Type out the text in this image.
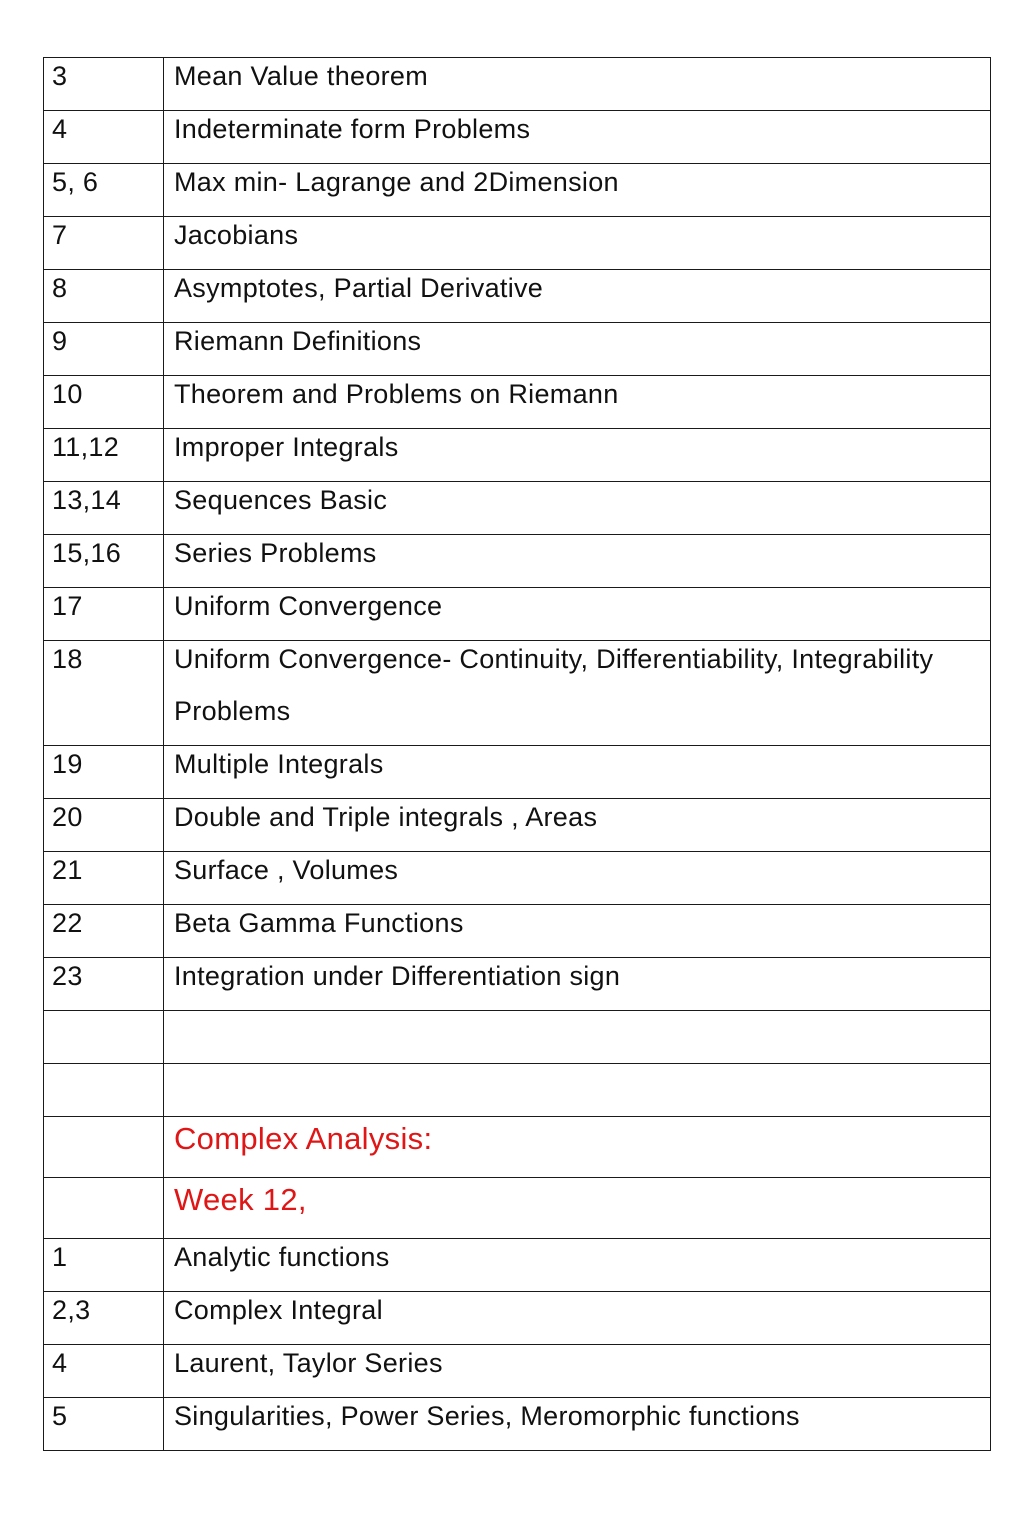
3	Mean Value theorem
4	Indeterminate form Problems
5, 6	Max min- Lagrange and 2Dimension
7	Jacobians
8	Asymptotes, Partial Derivative
9	Riemann Definitions
10	Theorem and Problems on Riemann
11,12	Improper Integrals
13,14	Sequences Basic
15,16	Series Problems
17	Uniform Convergence
18	Uniform Convergence- Continuity, Differentiability, Integrability Problems

19	Multiple Integrals
20	Double and Triple integrals , Areas
21	Surface , Volumes
22	Beta Gamma Functions
23	Integration under Differentiation sign

	Complex Analysis:
	Week 12,
1	Analytic functions
2,3	Complex Integral
4	Laurent, Taylor Series
5	Singularities, Power Series, Meromorphic functions
